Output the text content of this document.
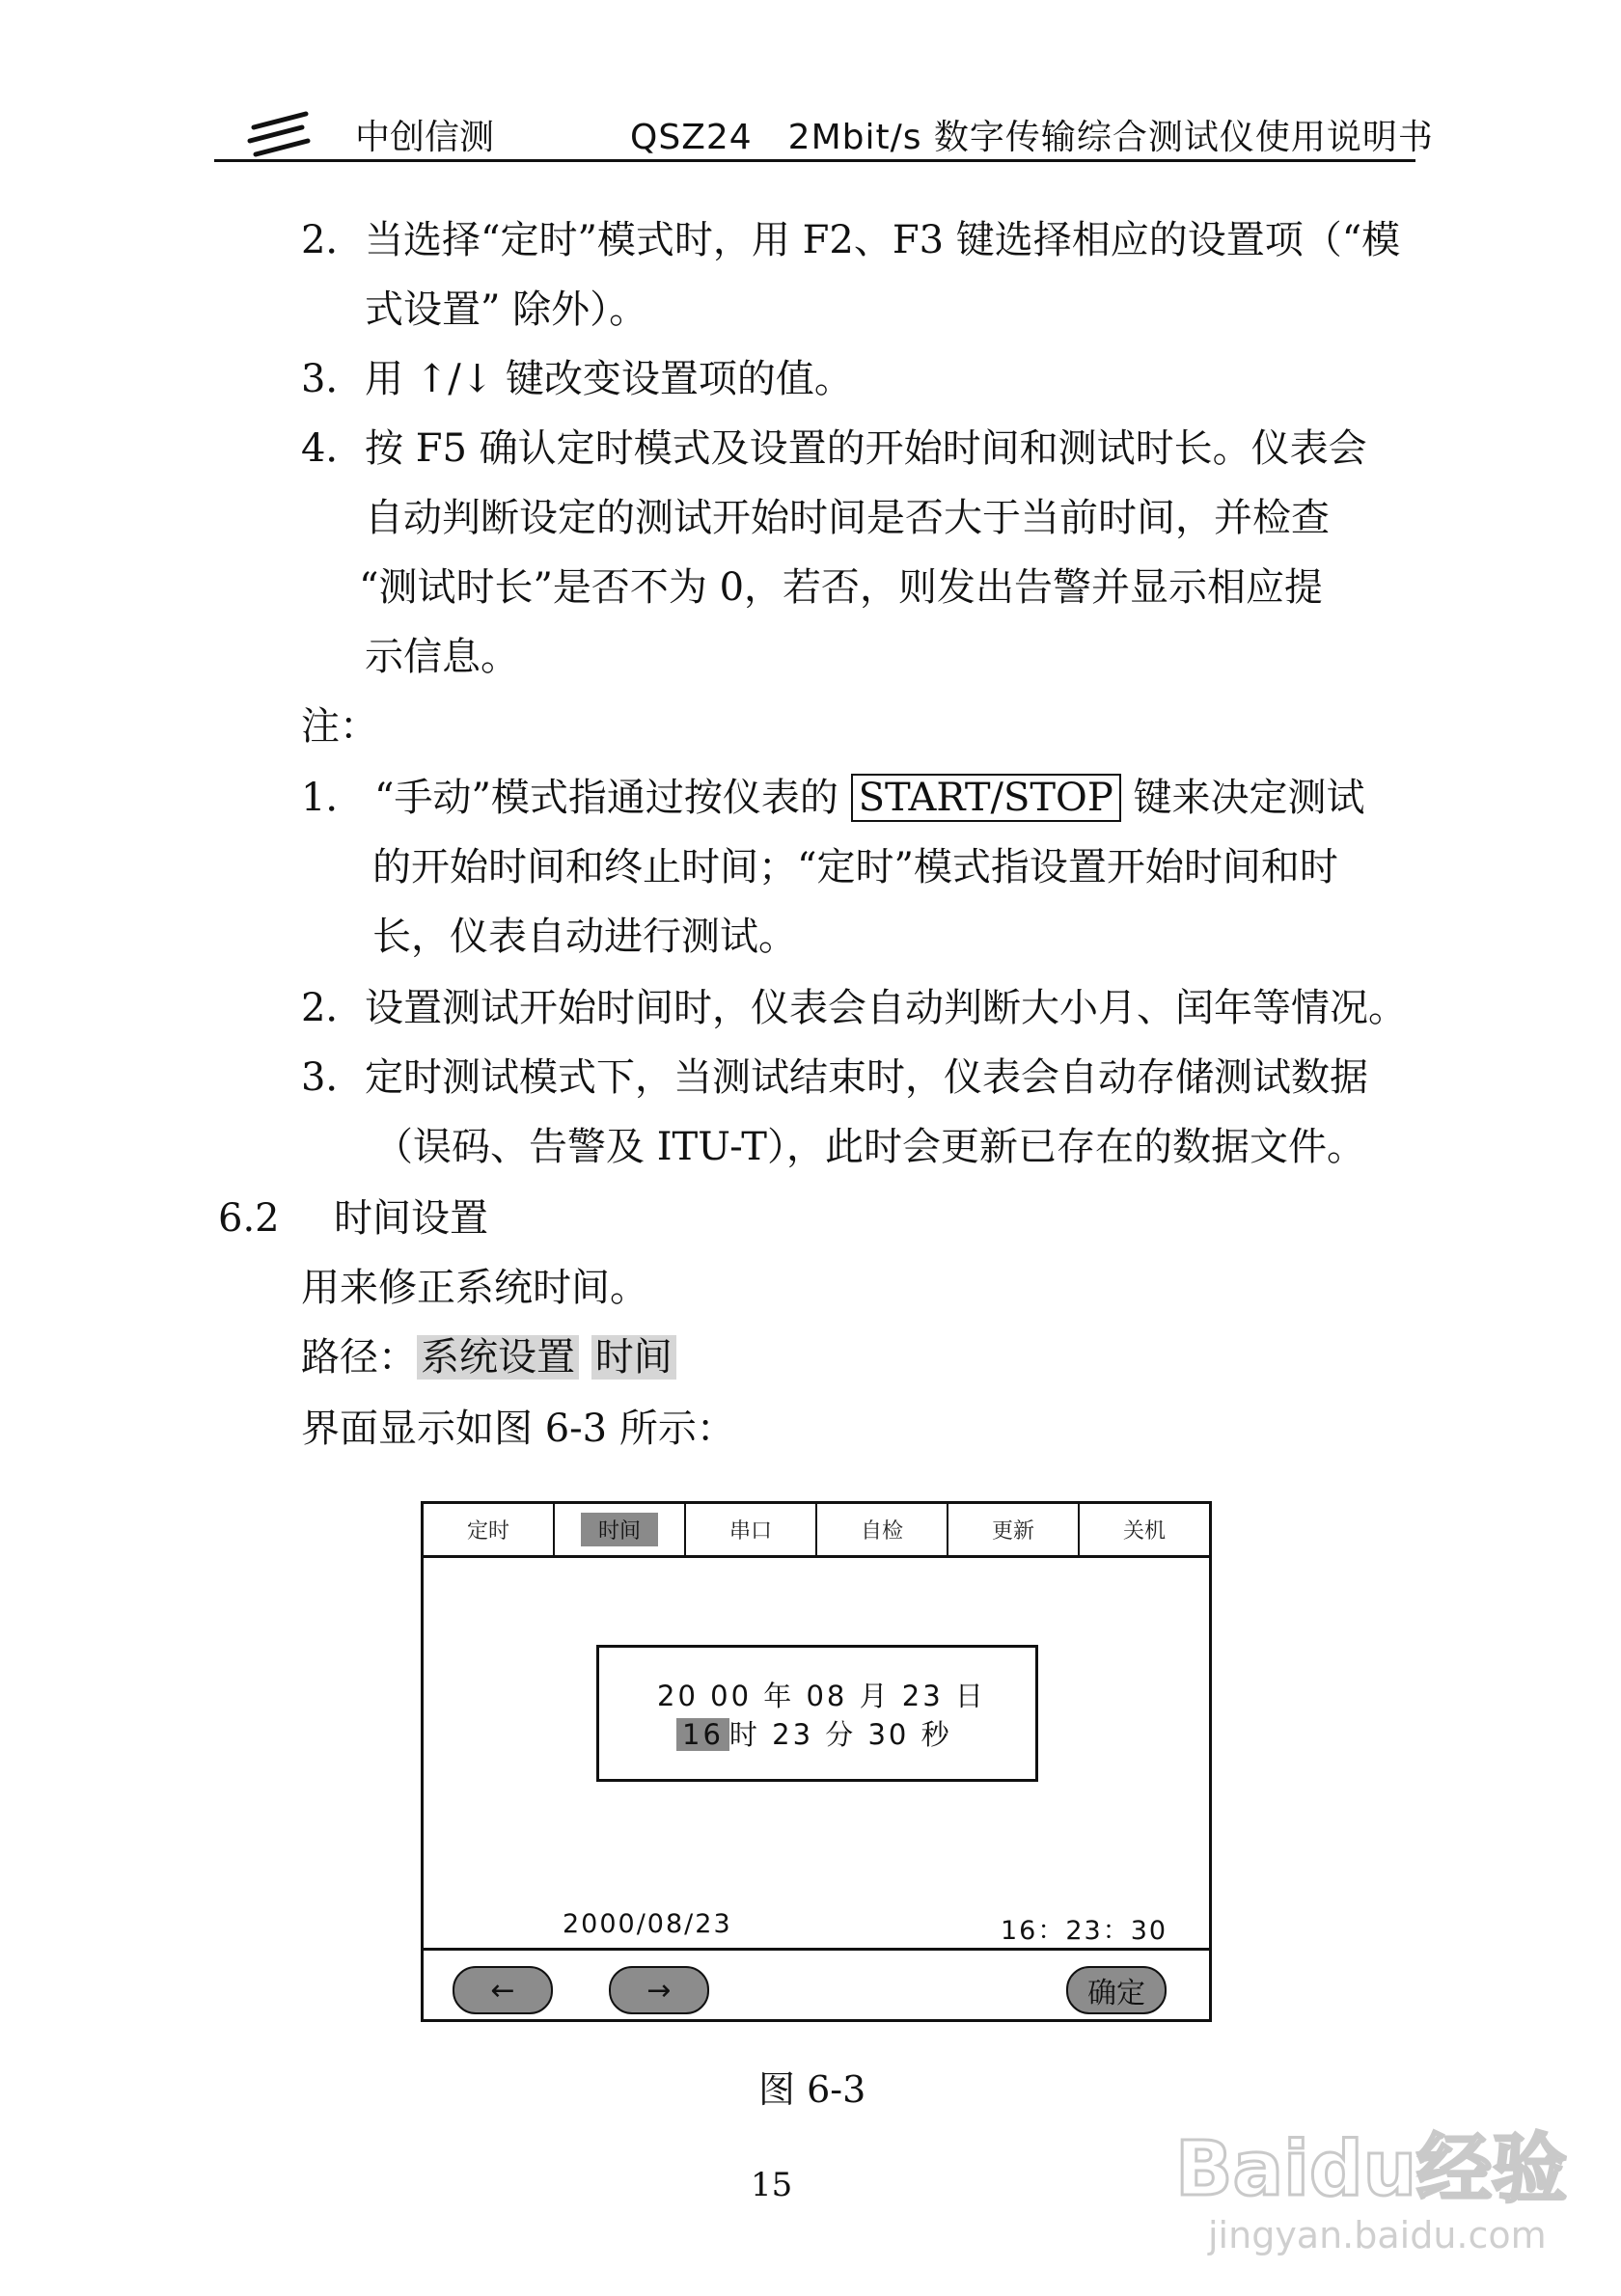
中创信测	QSZ24　2Mbit/s 数字传输综合测试仪使用说明书
2． 当选择“定时”模式时，用 F2、F3 键选择相应的设置项（“模
式设置” 除外）。
3． 用 ↑/↓ 键改变设置项的值。
4． 按 F5 确认定时模式及设置的开始时间和测试时长。仪表会
自动判断设定的测试开始时间是否大于当前时间，并检查
“测试时长”是否不为 0，若否，则发出告警并显示相应提
示信息。
注：
1． “手动”模式指通过按仪表的 START/STOP 键来决定测试
的开始时间和终止时间；“定时”模式指设置开始时间和时
长，仪表自动进行测试。
2． 设置测试开始时间时，仪表会自动判断大小月、闰年等情况。
3． 定时测试模式下，当测试结束时，仪表会自动存储测试数据
（误码、告警及 ITU-T），此时会更新已存在的数据文件。
6.2 时间设置
用来修正系统时间。
路径： 系统设置 时间
界面显示如图 6-3 所示：
定时	时间	串口	自检	更新	关机
20 00 年 08 月 23 日
16 时 23 分 30 秒
2000/08/23	16：23：30
←	→	确定
图 6-3
15	Baidu经验
jingyan.baidu.com
